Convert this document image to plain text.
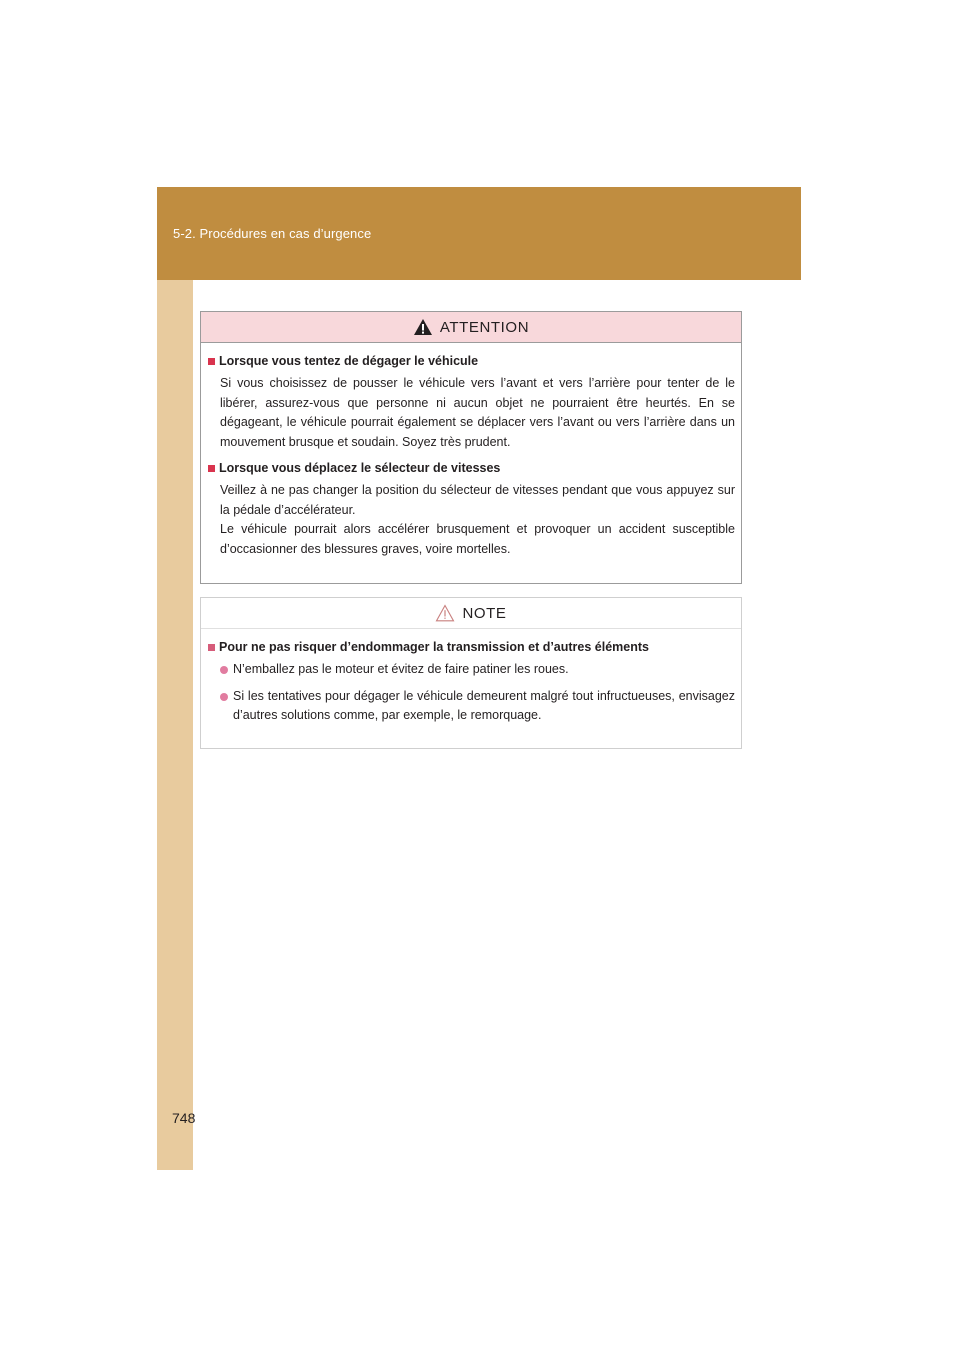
5-2. Procédures en cas d’urgence
ATTENTION
Lorsque vous tentez de dégager le véhicule

Si vous choisissez de pousser le véhicule vers l’avant et vers l’arrière pour tenter de le libérer, assurez-vous que personne ni aucun objet ne pourraient être heurtés. En se dégageant, le véhicule pourrait également se déplacer vers l’avant ou vers l’arrière dans un mouvement brusque et soudain. Soyez très prudent.

Lorsque vous déplacez le sélecteur de vitesses

Veillez à ne pas changer la position du sélecteur de vitesses pendant que vous appuyez sur la pédale d’accélérateur.

Le véhicule pourrait alors accélérer brusquement et provoquer un accident susceptible d’occasionner des blessures graves, voire mortelles.

NOTE
Pour ne pas risquer d’endommager la transmission et d’autres éléments
N’emballez pas le moteur et évitez de faire patiner les roues.
Si les tentatives pour dégager le véhicule demeurent malgré tout infructueuses, envisagez d’autres solutions comme, par exemple, le remorquage.
748
